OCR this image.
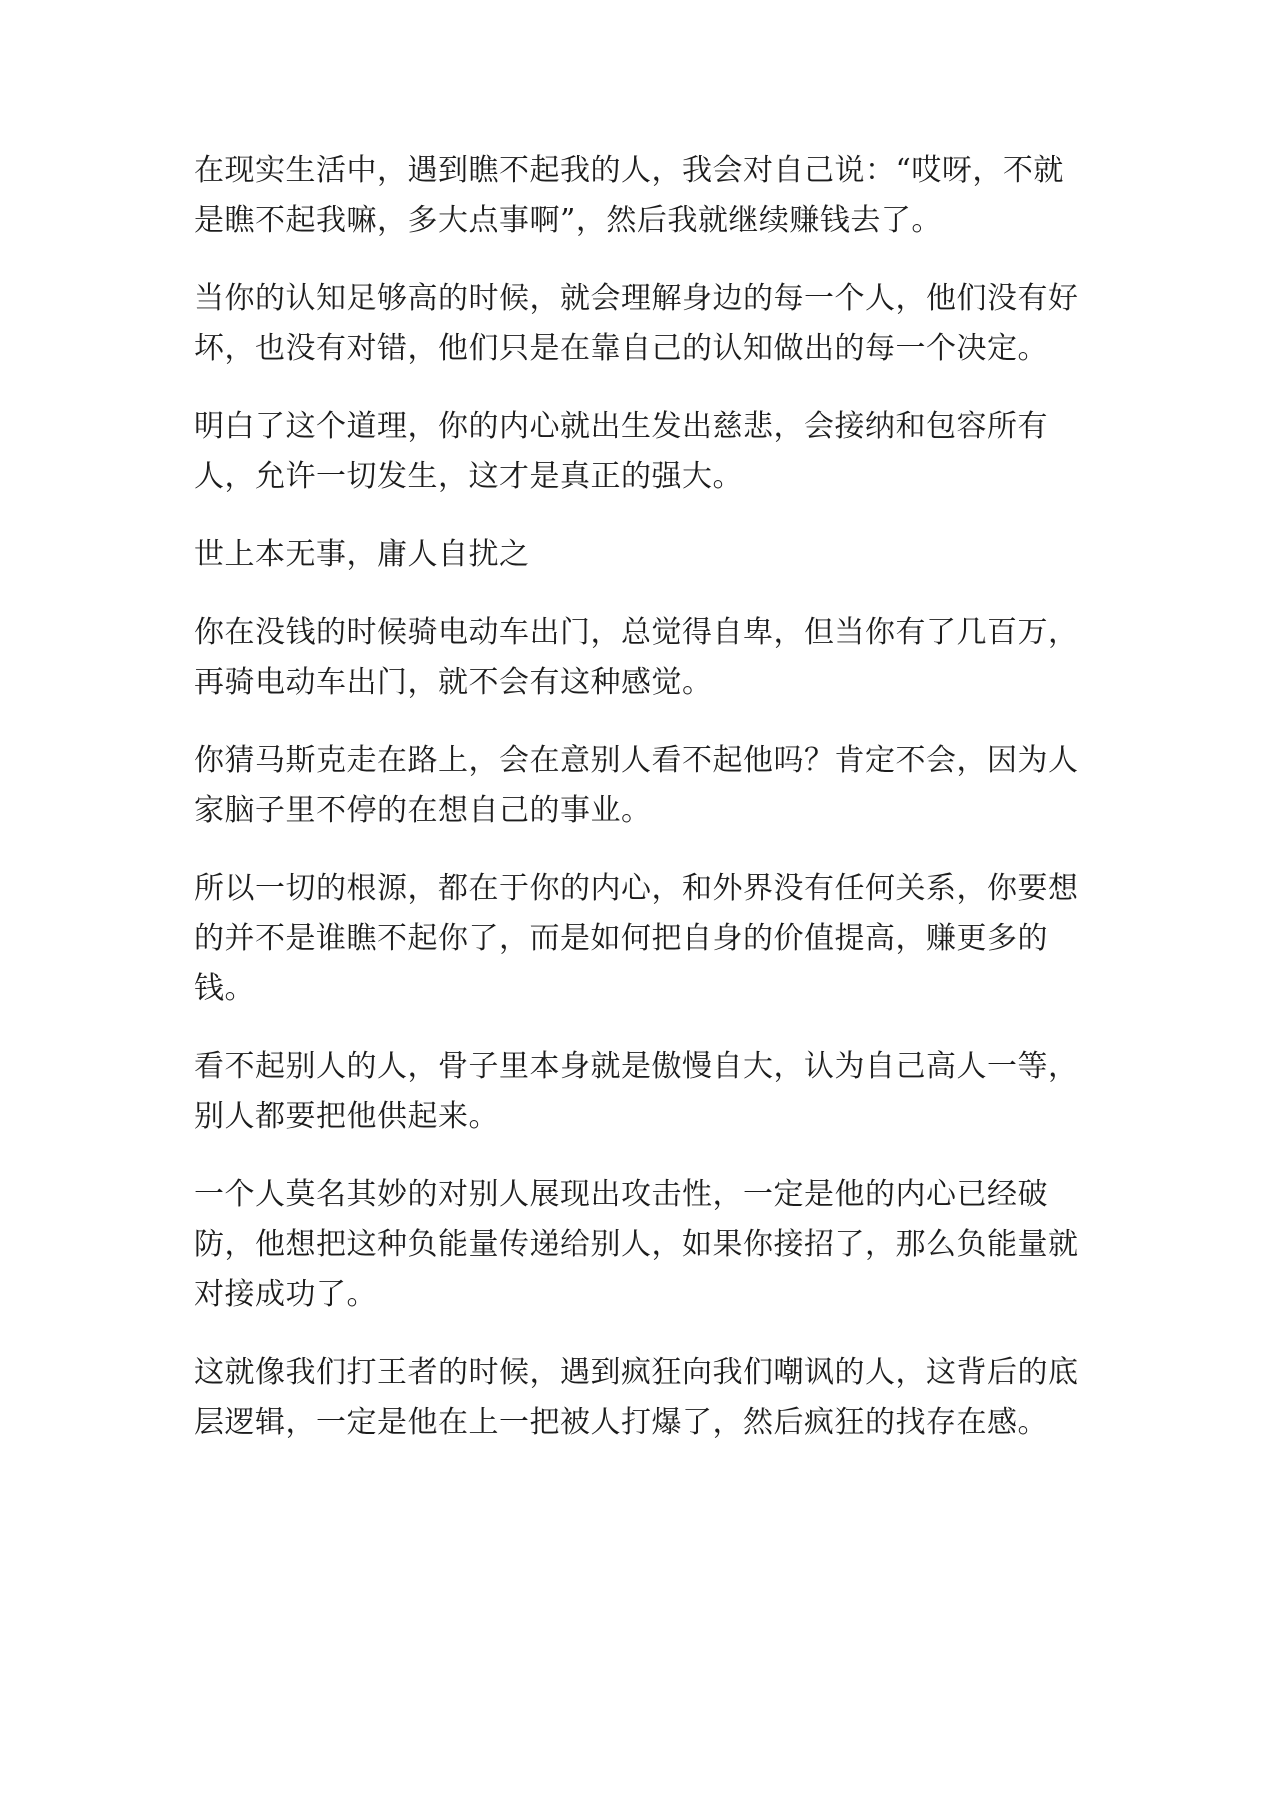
在现实生活中，遇到瞧不起我的人，我会对自己说：“哎呀，不就是瞧不起我嘛，多大点事啊”，然后我就继续赚钱去了。

当你的认知足够高的时候，就会理解身边的每一个人，他们没有好坏，也没有对错，他们只是在靠自己的认知做出的每一个决定。

明白了这个道理，你的内心就出生发出慈悲，会接纳和包容所有人，允许一切发生，这才是真正的强大。

世上本无事，庸人自扰之

你在没钱的时候骑电动车出门，总觉得自卑，但当你有了几百万，再骑电动车出门，就不会有这种感觉。

你猜马斯克走在路上，会在意别人看不起他吗？肯定不会，因为人家脑子里不停的在想自己的事业。

所以一切的根源，都在于你的内心，和外界没有任何关系，你要想的并不是谁瞧不起你了，而是如何把自身的价值提高，赚更多的钱。

看不起别人的人，骨子里本身就是傲慢自大，认为自己高人一等，别人都要把他供起来。

一个人莫名其妙的对别人展现出攻击性，一定是他的内心已经破防，他想把这种负能量传递给别人，如果你接招了，那么负能量就对接成功了。

这就像我们打王者的时候，遇到疯狂向我们嘲讽的人，这背后的底层逻辑，一定是他在上一把被人打爆了，然后疯狂的找存在感。
